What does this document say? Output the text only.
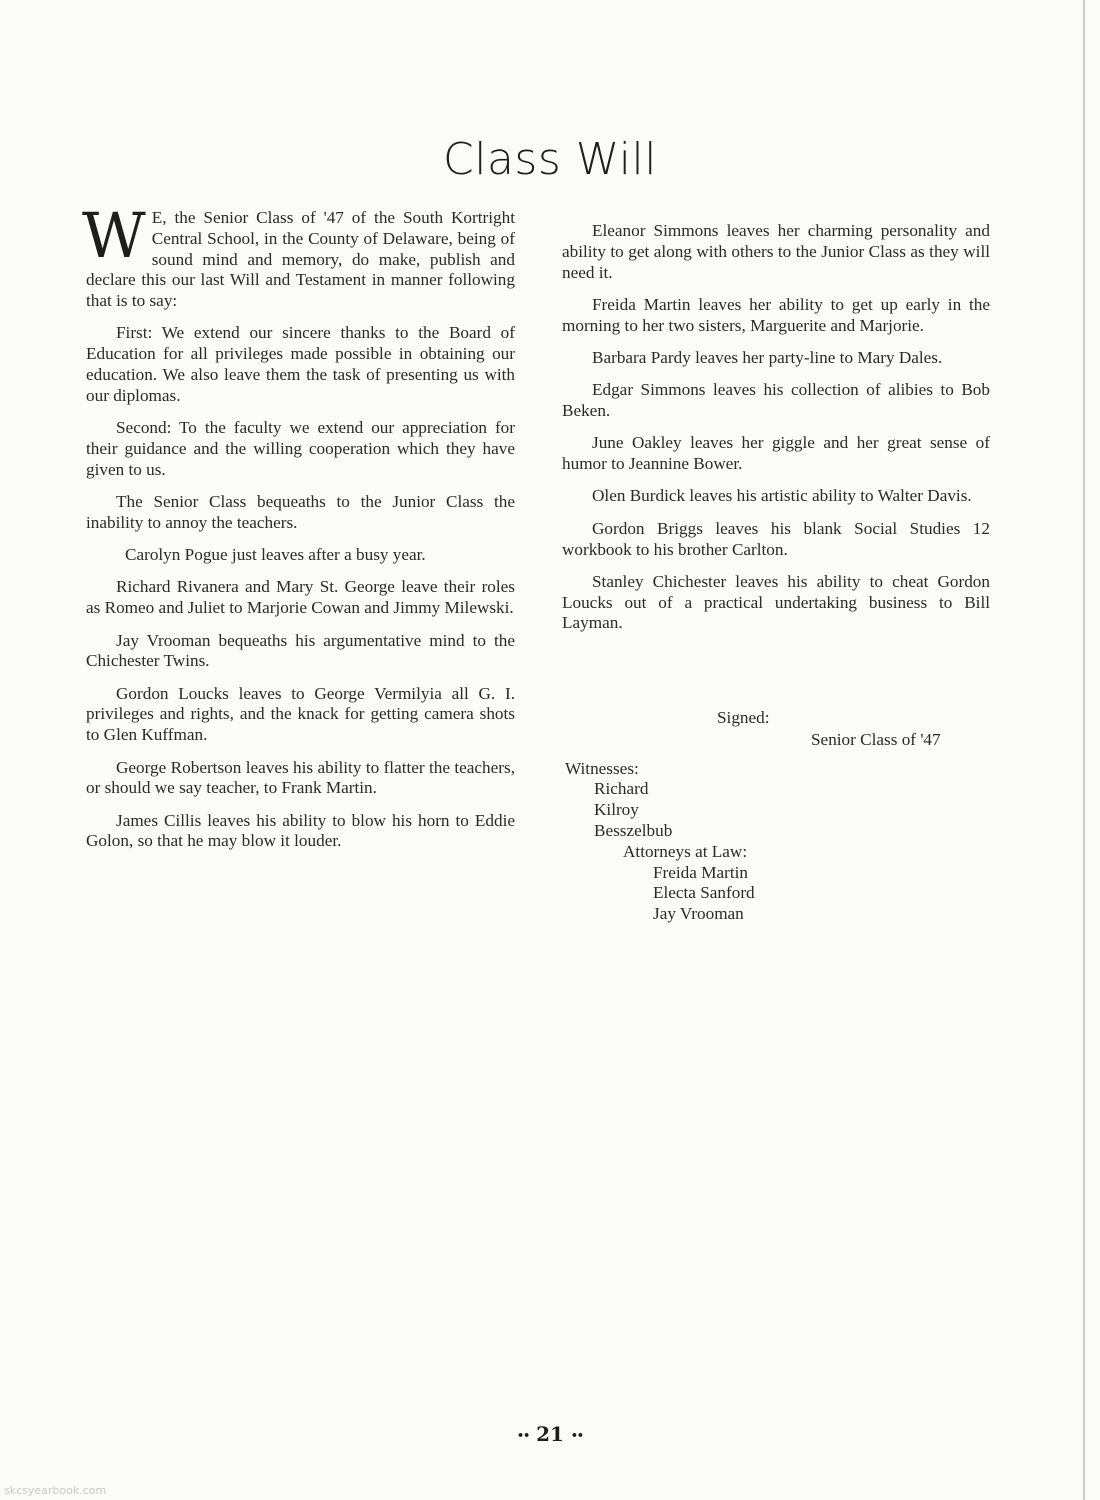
Class Will

W E, the Senior Class of '47 of the South Kortright Central School, in the County of Delaware, being of sound mind and memory, do make, publish and declare this our last Will and Testament in manner following that is to say:

First: We extend our sincere thanks to the Board of Education for all privileges made possible in obtaining our education. We also leave them the task of presenting us with our diplomas.

Second: To the faculty we extend our appreciation for their guidance and the willing cooperation which they have given to us.

The Senior Class bequeaths to the Junior Class the inability to annoy the teachers.

Carolyn Pogue just leaves after a busy year.

Richard Rivanera and Mary St. George leave their roles as Romeo and Juliet to Marjorie Cowan and Jimmy Milewski.

Jay Vrooman bequeaths his argumentative mind to the Chichester Twins.

Gordon Loucks leaves to George Vermilyia all G. I. privileges and rights, and the knack for getting camera shots to Glen Kuffman.

George Robertson leaves his ability to flatter the teachers, or should we say teacher, to Frank Martin.

James Cillis leaves his ability to blow his horn to Eddie Golon, so that he may blow it louder.

Eleanor Simmons leaves her charming personality and ability to get along with others to the Junior Class as they will need it.

Freida Martin leaves her ability to get up early in the morning to her two sisters, Marguerite and Marjorie.

Barbara Pardy leaves her party-line to Mary Dales.

Edgar Simmons leaves his collection of alibies to Bob Beken.

June Oakley leaves her giggle and her great sense of humor to Jeannine Bower.

Olen Burdick leaves his artistic ability to Walter Davis.

Gordon Briggs leaves his blank Social Studies 12 workbook to his brother Carlton.

Stanley Chichester leaves his ability to cheat Gordon Loucks out of a practical undertaking business to Bill Layman.

Signed:
Senior Class of '47
Witnesses:
Richard
Kilroy
Besszelbub
Attorneys at Law:
Freida Martin
Electa Sanford
Jay Vrooman
•• 21 ••
skcsyearbook.com
